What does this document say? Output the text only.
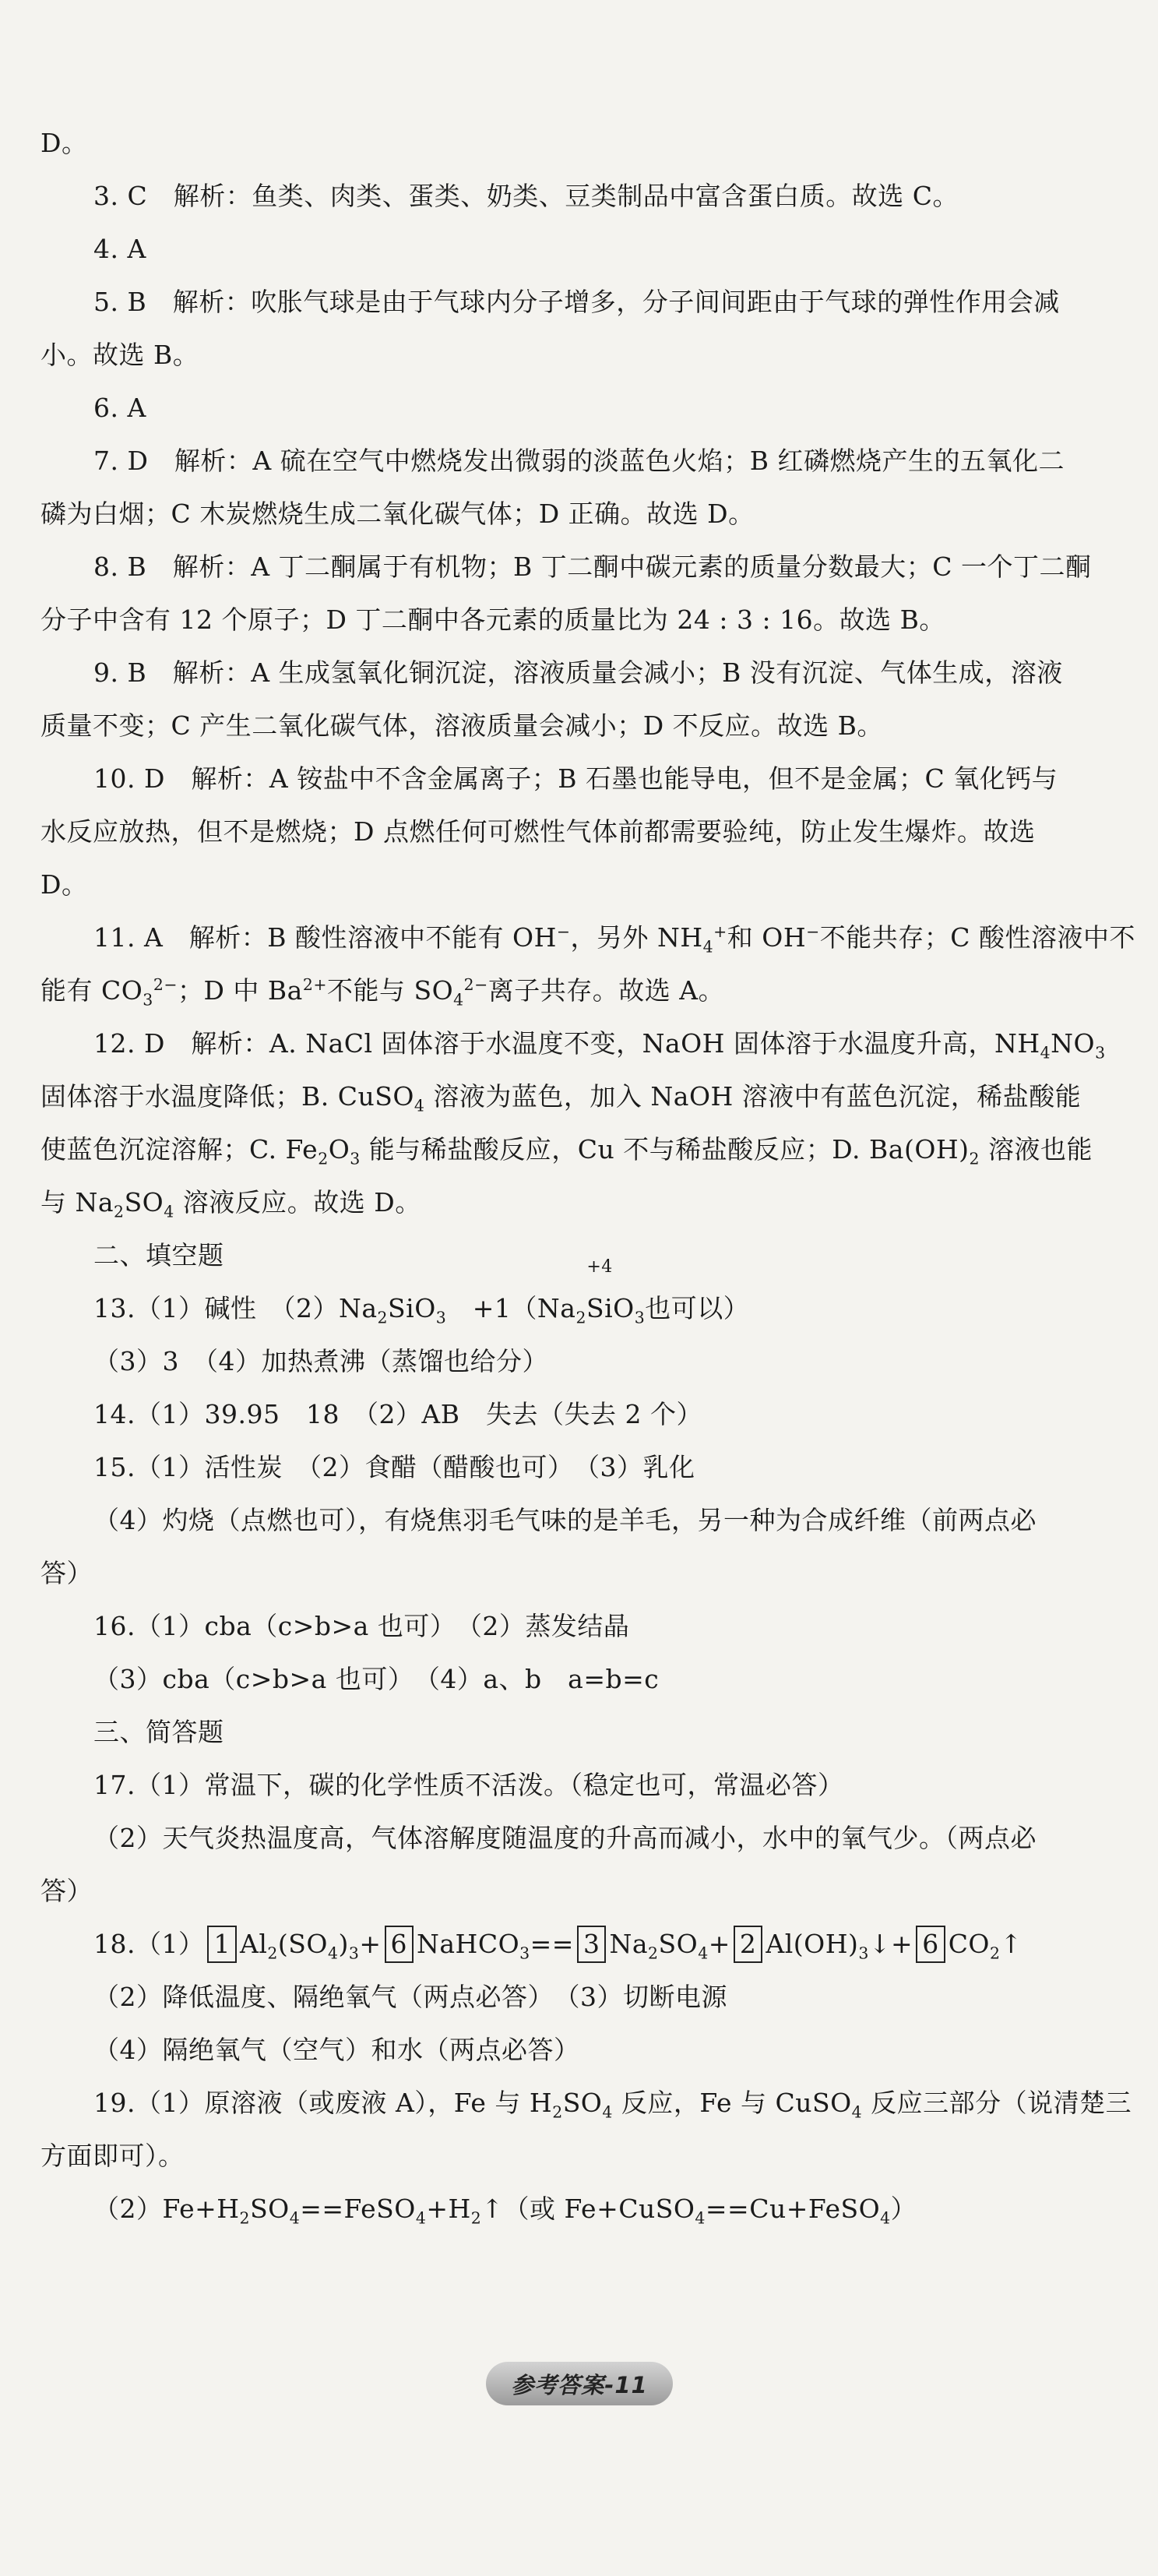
D。
3. C　解析：鱼类、肉类、蛋类、奶类、豆类制品中富含蛋白质。故选 C。
4. A
5. B　解析：吹胀气球是由于气球内分子增多，分子间间距由于气球的弹性作用会减
小。故选 B。
6. A
7. D　解析：A 硫在空气中燃烧发出微弱的淡蓝色火焰；B 红磷燃烧产生的五氧化二
磷为白烟；C 木炭燃烧生成二氧化碳气体；D 正确。故选 D。
8. B　解析：A 丁二酮属于有机物；B 丁二酮中碳元素的质量分数最大；C 一个丁二酮
分子中含有 12 个原子；D 丁二酮中各元素的质量比为 24 : 3 : 16。故选 B。
9. B　解析：A 生成氢氧化铜沉淀，溶液质量会减小；B 没有沉淀、气体生成，溶液
质量不变；C 产生二氧化碳气体，溶液质量会减小；D 不反应。故选 B。
10. D　解析：A 铵盐中不含金属离子；B 石墨也能导电，但不是金属；C 氧化钙与
水反应放热，但不是燃烧；D 点燃任何可燃性气体前都需要验纯，防止发生爆炸。故选
D。
11. A　解析：B 酸性溶液中不能有 OH−，另外 $NH_4^+$和 OH−不能共存；C 酸性溶液中不
能有 $CO_3^{2-}$；D 中 $Ba^{2+}$不能与 $SO_4^{2-}$离子共存。故选 A。
12. D　解析：A. NaCl 固体溶于水温度不变，NaOH 固体溶于水温度升高，$NH_4NO_3$
固体溶于水温度降低；B. CuSO$_4$ 溶液为蓝色，加入 NaOH 溶液中有蓝色沉淀，稀盐酸能
使蓝色沉淀溶解；C. $Fe_2O_3$ 能与稀盐酸反应，Cu 不与稀盐酸反应；D. $Ba(OH)_2$ 溶液也能
与 $Na_2SO_4$ 溶液反应。故选 D。
二、填空题
13.（1）碱性　$(2)Na_2SiO_3$　$+1(Na_2$
+4
SiO$_3$也可以）
（3）3　（4）加热煮沸（蒸馏也给分）
14.（1）39.95　18　（2）AB　失去（失去 2 个）
15.（1）活性炭　（2）食醋（醋酸也可）　（3）乳化
（4）灼烧（点燃也可），有烧焦羽毛气味的是羊毛，另一种为合成纤维（前两点必
答）
16.（1）cba（c>b>a 也可）　（2）蒸发结晶
（3）cba（c>b>a 也可）　（4）a、b　a=b=c
三、简答题
17.（1）常温下，碳的化学性质不活泼。（稳定也可，常温必答）
（2）天气炎热温度高，气体溶解度随温度的升高而减小，水中的氧气少。（两点必
答）
18.（1） 1 $Al_2(SO_4)_3+ 6$ NaHCO$_3$== 3 $Na_2SO_4+ 2$ $Al(OH)_3↓+ 6$ $CO_2↑$
（2）降低温度、隔绝氧气（两点必答）　（3）切断电源
（4）隔绝氧气（空气）和水（两点必答）
19.（1）原溶液（或废液 A），Fe 与 $H_2SO_4$ 反应，Fe 与 CuSO$_4$ 反应三部分（说清楚三
方面即可）。
$(2)Fe+H_2SO_4==FeSO_4+H_2↑$（或 Fe+CuSO$_4$==Cu+FeSO$_4$）
参考答案-11
